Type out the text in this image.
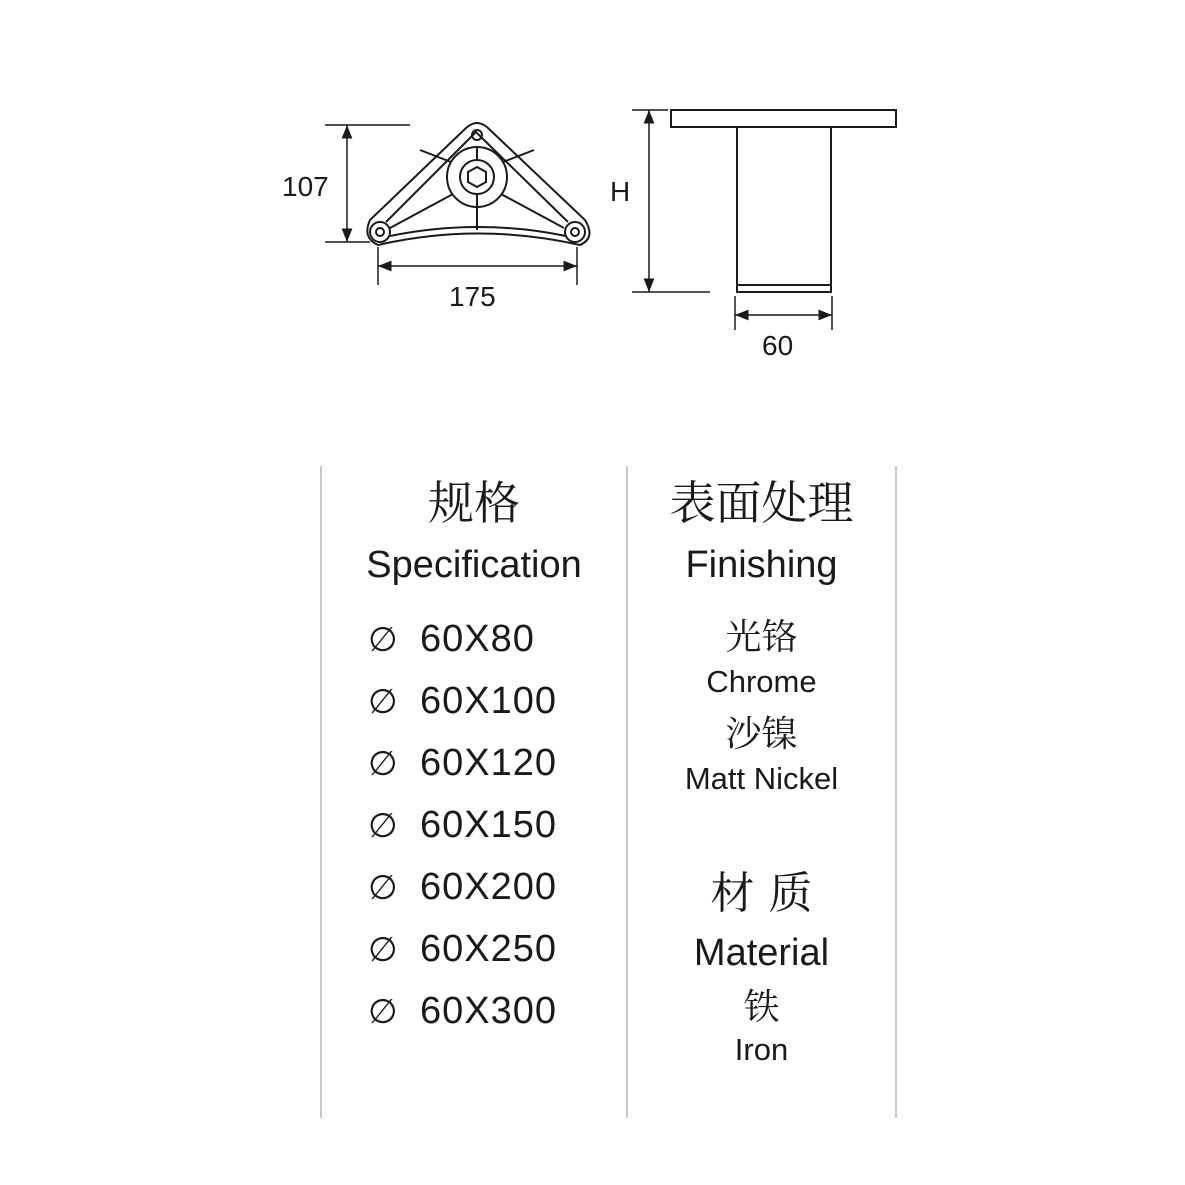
107
175
H
60
规格
Specification
∅ 60X80
∅ 60X100
∅ 60X120
∅ 60X150
∅ 60X200
∅ 60X250
∅ 60X300
表面处理
Finishing
光铬
Chrome
沙镍
Matt Nickel
材 质
Material
铁
Iron
